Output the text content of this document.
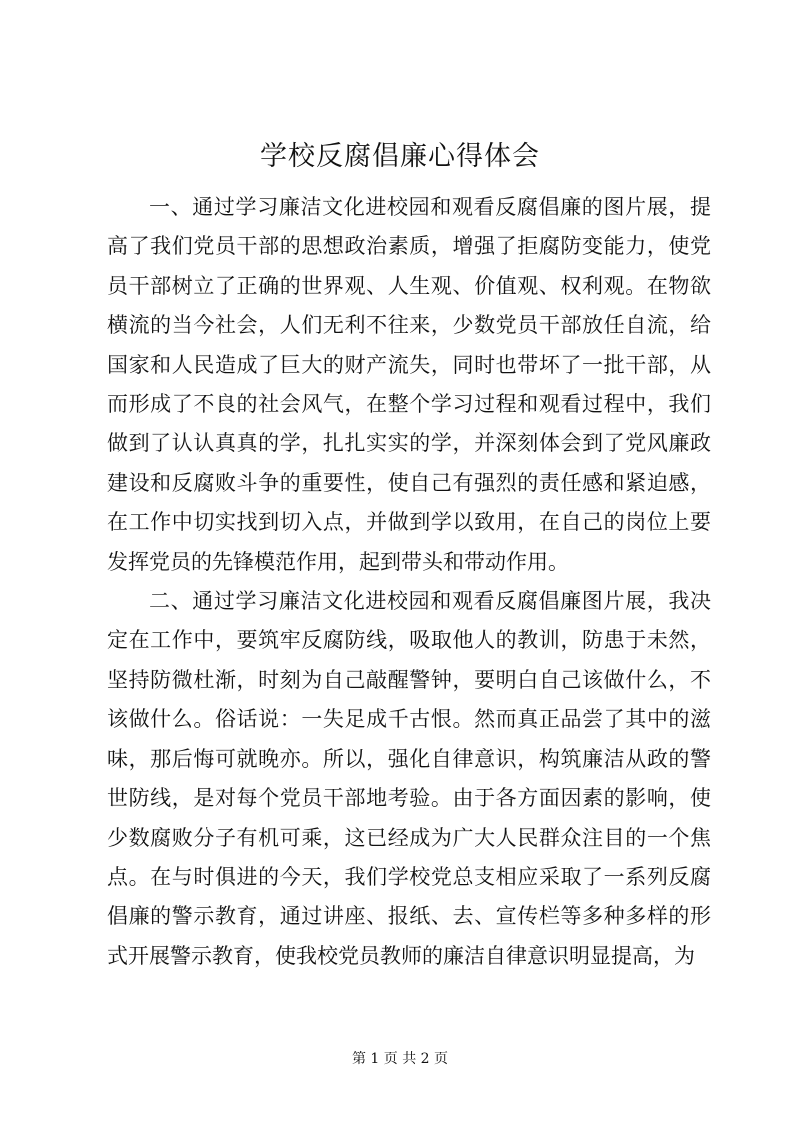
学校反腐倡廉心得体会

一、通过学习廉洁文化进校园和观看反腐倡廉的图片展，提高了我们党员干部的思想政治素质，增强了拒腐防变能力，使党员干部树立了正确的世界观、人生观、价值观、权利观。在物欲横流的当今社会，人们无利不往来，少数党员干部放任自流，给国家和人民造成了巨大的财产流失，同时也带坏了一批干部，从而形成了不良的社会风气，在整个学习过程和观看过程中，我们做到了认认真真的学，扎扎实实的学，并深刻体会到了党风廉政建设和反腐败斗争的重要性，使自己有强烈的责任感和紧迫感，在工作中切实找到切入点，并做到学以致用，在自己的岗位上要发挥党员的先锋模范作用，起到带头和带动作用。

二、通过学习廉洁文化进校园和观看反腐倡廉图片展，我决定在工作中，要筑牢反腐防线，吸取他人的教训，防患于未然，坚持防微杜渐，时刻为自己敲醒警钟，要明白自己该做什么，不该做什么。俗话说：一失足成千古恨。然而真正品尝了其中的滋味，那后悔可就晚亦。所以，强化自律意识，构筑廉洁从政的警世防线，是对每个党员干部地考验。由于各方面因素的影响，使少数腐败分子有机可乘，这已经成为广大人民群众注目的一个焦点。在与时俱进的今天，我们学校党总支相应采取了一系列反腐倡廉的警示教育，通过讲座、报纸、去、宣传栏等多种多样的形式开展警示教育，使我校党员教师的廉洁自律意识明显提高，为

第 1 页 共 2 页
